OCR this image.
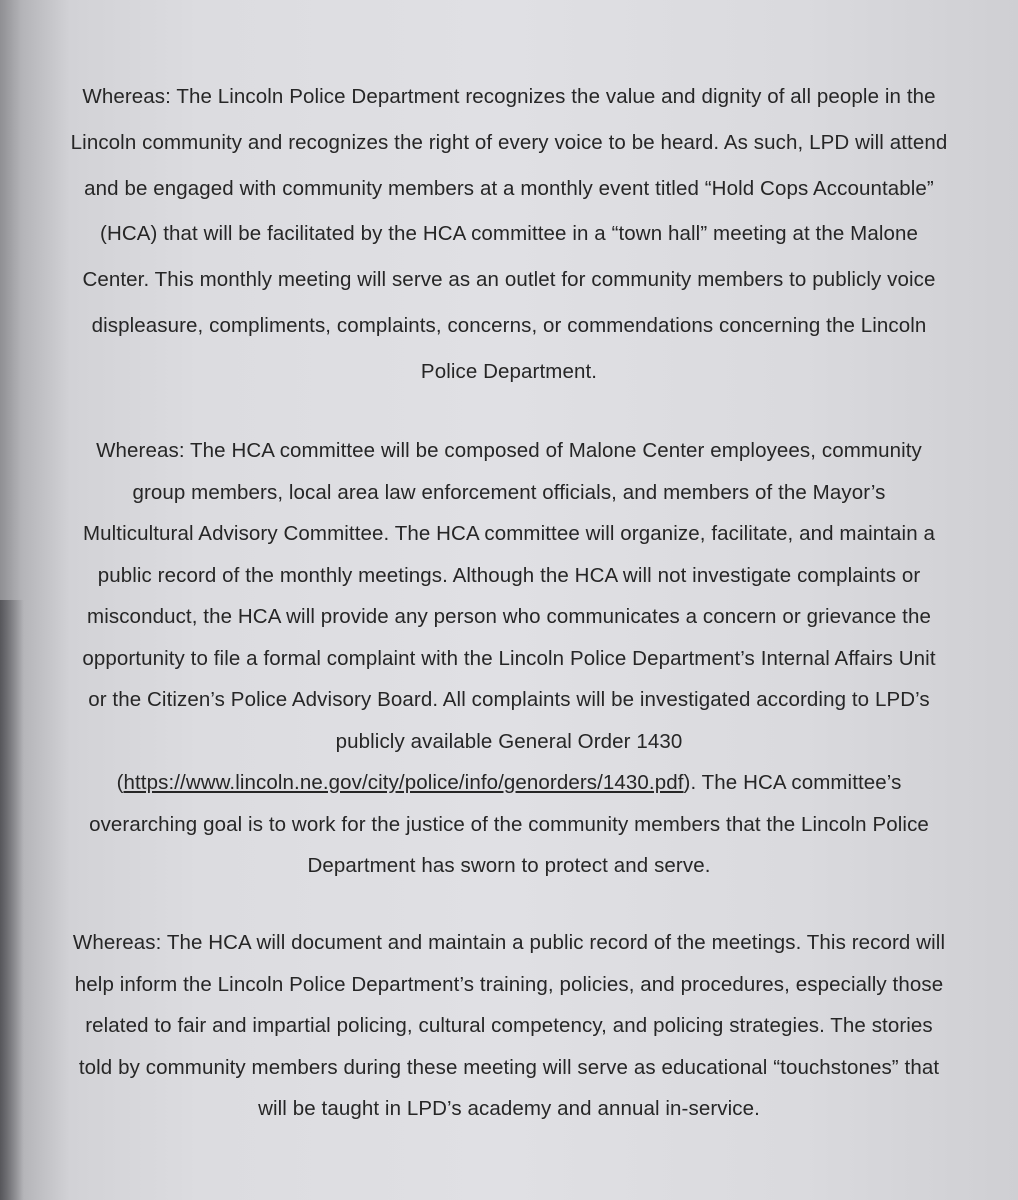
Whereas: The Lincoln Police Department recognizes the value and dignity of all people in the
Lincoln community and recognizes the right of every voice to be heard. As such, LPD will attend
and be engaged with community members at a monthly event titled “Hold Cops Accountable”
(HCA) that will be facilitated by the HCA committee in a “town hall” meeting at the Malone
Center. This monthly meeting will serve as an outlet for community members to publicly voice
displeasure, compliments, complaints, concerns, or commendations concerning the Lincoln
Police Department.

Whereas: The HCA committee will be composed of Malone Center employees, community
group members, local area law enforcement officials, and members of the Mayor’s
Multicultural Advisory Committee. The HCA committee will organize, facilitate, and maintain a
public record of the monthly meetings. Although the HCA will not investigate complaints or
misconduct, the HCA will provide any person who communicates a concern or grievance the
opportunity to file a formal complaint with the Lincoln Police Department’s Internal Affairs Unit
or the Citizen’s Police Advisory Board. All complaints will be investigated according to LPD’s
publicly available General Order 1430
(https://www.lincoln.ne.gov/city/police/info/genorders/1430.pdf). The HCA committee’s
overarching goal is to work for the justice of the community members that the Lincoln Police
Department has sworn to protect and serve.

Whereas: The HCA will document and maintain a public record of the meetings. This record will
help inform the Lincoln Police Department’s training, policies, and procedures, especially those
related to fair and impartial policing, cultural competency, and policing strategies. The stories
told by community members during these meeting will serve as educational “touchstones” that
will be taught in LPD’s academy and annual in-service.
